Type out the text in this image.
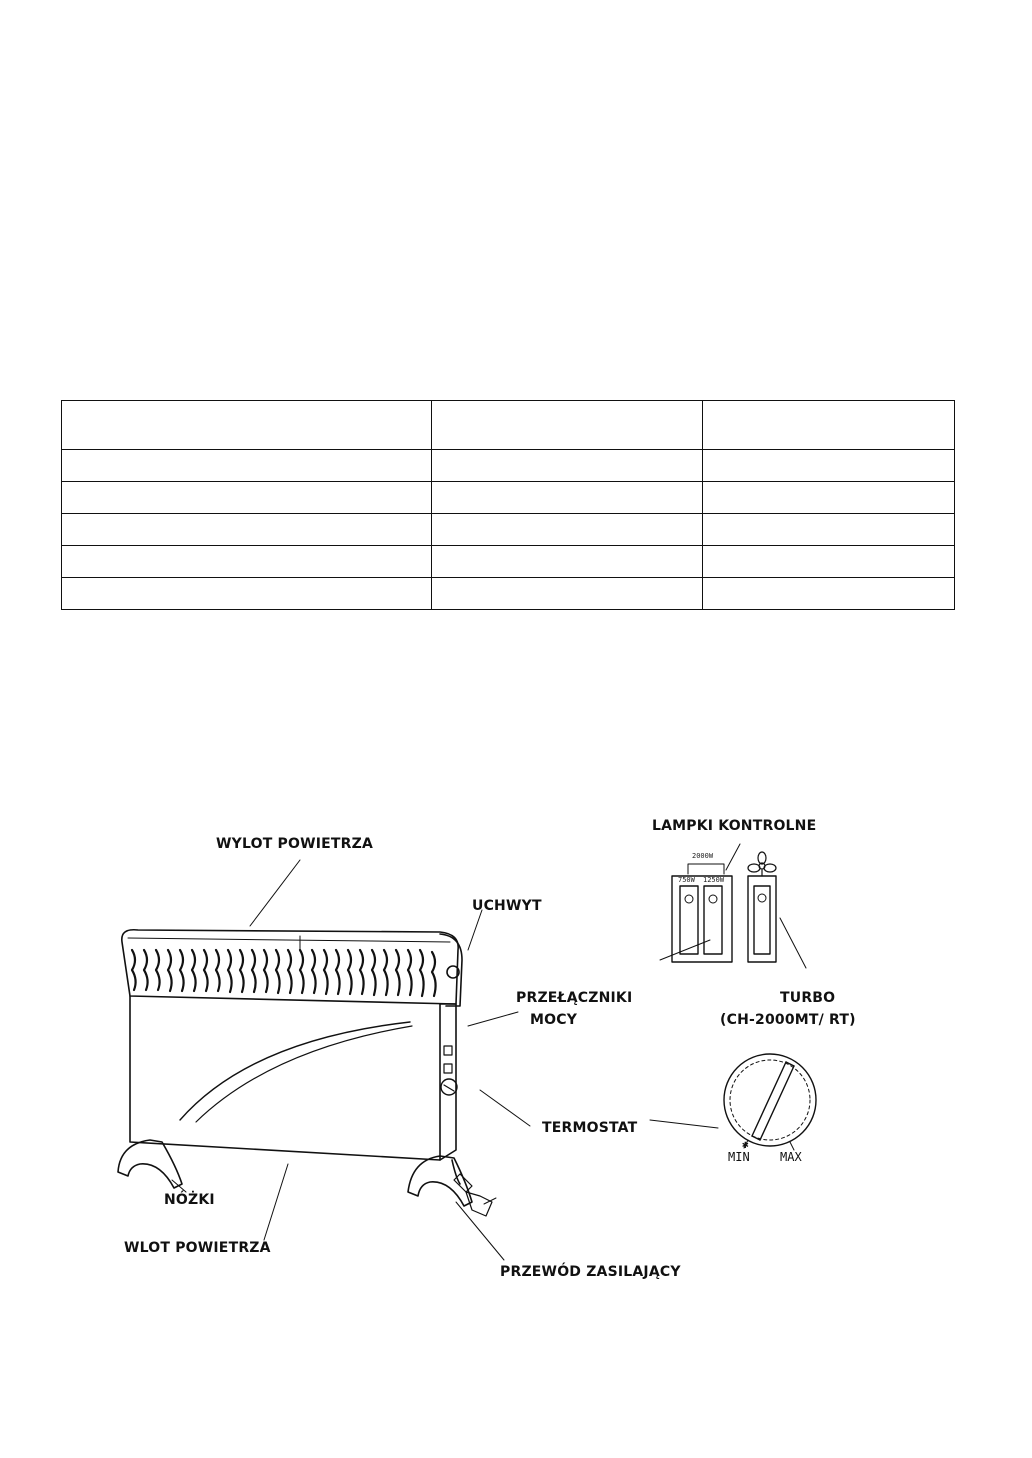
WYLOT POWIETRZA
LAMPKI KONTROLNE
UCHWYT
PRZEŁĄCZNIKI
MOCY
TURBO
(CH-2000MT/ RT)
TERMOSTAT
NÓŻKI
WLOT POWIETRZA
PRZEWÓD ZASILAJĄCY
2000W
750W 1250W
MIN
✱
MAX
